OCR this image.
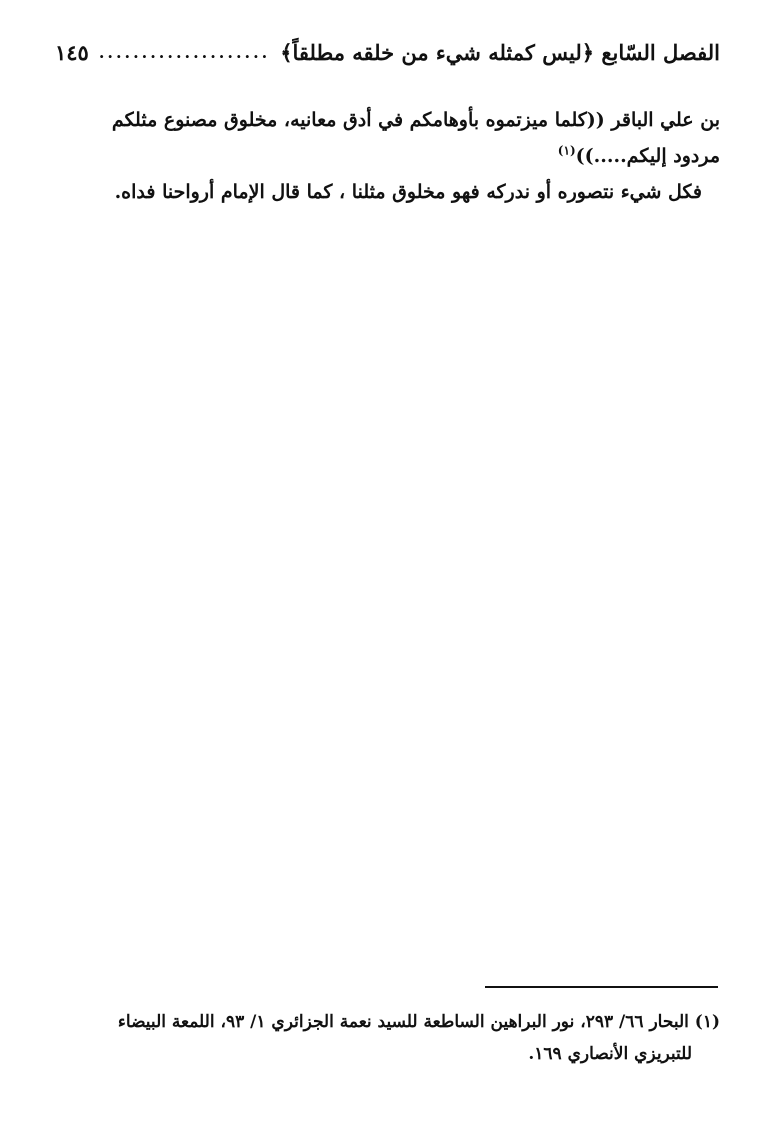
الفصل السّابع ﴿ليس كمثله شيء من خلقه مطلقاً﴾
....................
١٤٥

بن علي الباقر ((كلما ميزتموه بأوهامكم في أدق معانيه، مخلوق مصنوع مثلكم
مردود إليكم.....))$^{(١)}$

فكل شيء نتصوره أو ندركه فهو مخلوق مثلنا ، كما قال الإمام أرواحنا فداه.

(١) البحار ٦٦/ ٢٩٣، نور البراهين الساطعة للسيد نعمة الجزائري ١/ ٩٣، اللمعة البيضاء

للتبريزي الأنصاري ١٦٩.
